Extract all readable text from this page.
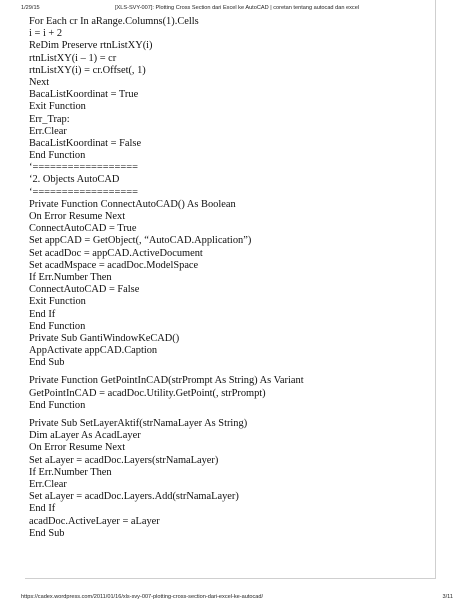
1/29/15	[XLS-SVY-007]: Plotting Cross Section dari Excel ke AutoCAD | coretan tentang autocad dan excel
For Each cr In aRange.Columns(1).Cells
i = i + 2
ReDim Preserve rtnListXY(i)
rtnListXY(i – 1) = cr
rtnListXY(i) = cr.Offset(, 1)
Next
BacaListKoordinat = True
Exit Function
Err_Trap:
Err.Clear
BacaListKoordinat = False
End Function
‘==================
‘2. Objects AutoCAD
‘==================
Private Function ConnectAutoCAD() As Boolean
On Error Resume Next
ConnectAutoCAD = True
Set appCAD = GetObject(, “AutoCAD.Application”)
Set acadDoc = appCAD.ActiveDocument
Set acadMspace = acadDoc.ModelSpace
If Err.Number Then
ConnectAutoCAD = False
Exit Function
End If
End Function
Private Sub GantiWindowKeCAD()
AppActivate appCAD.Caption
End Sub
Private Function GetPointInCAD(strPrompt As String) As Variant
GetPointInCAD = acadDoc.Utility.GetPoint(, strPrompt)
End Function
Private Sub SetLayerAktif(strNamaLayer As String)
Dim aLayer As AcadLayer
On Error Resume Next
Set aLayer = acadDoc.Layers(strNamaLayer)
If Err.Number Then
Err.Clear
Set aLayer = acadDoc.Layers.Add(strNamaLayer)
End If
acadDoc.ActiveLayer = aLayer
End Sub
https://cadex.wordpress.com/2011/01/16/xls-svy-007-plotting-cross-section-dari-excel-ke-autocad/	3/11
